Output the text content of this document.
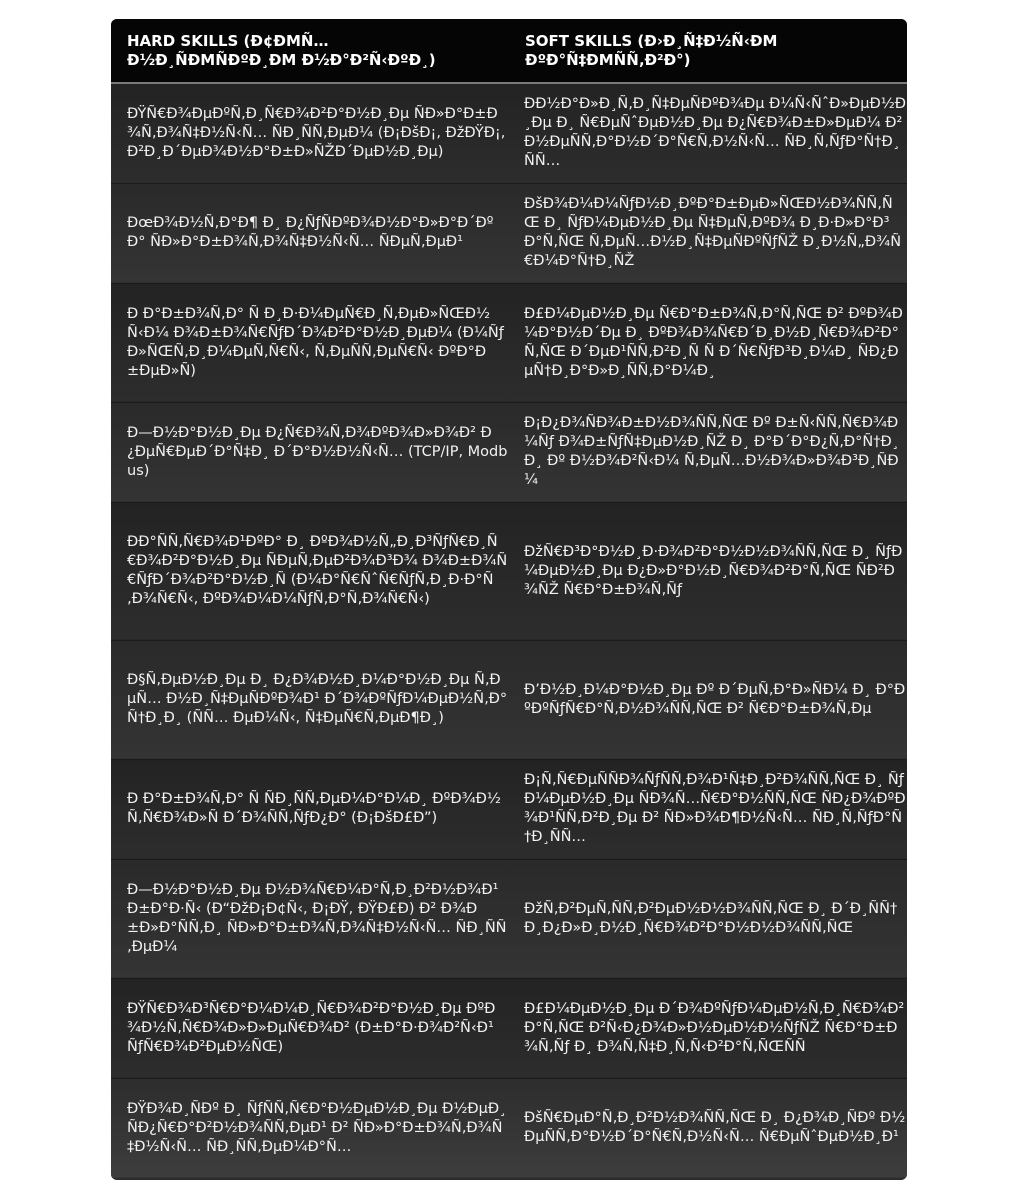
HARD SKILLS (Ð¢ÐMÑ… Ð½Ð¸ÑÐMÑÐºÐ¸ÐM Ð½Ð°Ð²Ñ‹ÐºÐ¸)	SOFT SKILLS (Ð›Ð¸Ñ‡Ð½Ñ‹ÐM ÐºÐ°Ñ‡ÐMÑÑ‚Ð²Ð°)
ÐŸÑ€Ð¾ÐµÐºÑ‚Ð¸Ñ€Ð¾Ð²Ð°Ð½Ð¸Ðµ ÑÐ»Ð°Ð±Ð¾Ñ‚Ð¾Ñ‡Ð½Ñ‹Ñ… ÑÐ¸ÑÑ‚ÐµÐ¼ (Ð¡ÐšÐ¡, ÐžÐŸÐ¡, Ð²Ð¸Ð´ÐµÐ¾Ð½Ð°Ð±Ð»ÑŽÐ´ÐµÐ½Ð¸Ðµ)	ÐÐ½Ð°Ð»Ð¸Ñ‚Ð¸Ñ‡ÐµÑÐºÐ¾Ðµ Ð¼Ñ‹ÑˆÐ»ÐµÐ½Ð¸Ðµ Ð¸ Ñ€ÐµÑˆÐµÐ½Ð¸Ðµ Ð¿Ñ€Ð¾Ð±Ð»ÐµÐ¼ Ð² Ð½ÐµÑÑ‚Ð°Ð½Ð´Ð°Ñ€Ñ‚Ð½Ñ‹Ñ… ÑÐ¸Ñ‚ÑƒÐ°Ñ†Ð¸ÑÑ…
ÐœÐ¾Ð½Ñ‚Ð°Ð¶ Ð¸ Ð¿ÑƒÑÐºÐ¾Ð½Ð°Ð»Ð°Ð´ÐºÐ° ÑÐ»Ð°Ð±Ð¾Ñ‚Ð¾Ñ‡Ð½Ñ‹Ñ… ÑÐµÑ‚ÐµÐ¹	ÐšÐ¾Ð¼Ð¼ÑƒÐ½Ð¸ÐºÐ°Ð±ÐµÐ»ÑŒÐ½Ð¾ÑÑ‚ÑŒ Ð¸ ÑƒÐ¼ÐµÐ½Ð¸Ðµ Ñ‡ÐµÑ‚ÐºÐ¾ Ð¸Ð·Ð»Ð°Ð³Ð°Ñ‚ÑŒ Ñ‚ÐµÑ…Ð½Ð¸Ñ‡ÐµÑÐºÑƒÑŽ Ð¸Ð½Ñ„Ð¾Ñ€Ð¼Ð°Ñ†Ð¸ÑŽ
Ð Ð°Ð±Ð¾Ñ‚Ð° Ñ Ð¸Ð·Ð¼ÐµÑ€Ð¸Ñ‚ÐµÐ»ÑŒÐ½Ñ‹Ð¼ Ð¾Ð±Ð¾Ñ€ÑƒÐ´Ð¾Ð²Ð°Ð½Ð¸ÐµÐ¼ (Ð¼ÑƒÐ»ÑŒÑ‚Ð¸Ð¼ÐµÑ‚Ñ€Ñ‹, Ñ‚ÐµÑÑ‚ÐµÑ€Ñ‹ ÐºÐ°Ð±ÐµÐ»Ñ)	Ð£Ð¼ÐµÐ½Ð¸Ðµ Ñ€Ð°Ð±Ð¾Ñ‚Ð°Ñ‚ÑŒ Ð² ÐºÐ¾Ð¼Ð°Ð½Ð´Ðµ Ð¸ ÐºÐ¾Ð¾Ñ€Ð´Ð¸Ð½Ð¸Ñ€Ð¾Ð²Ð°Ñ‚ÑŒ Ð´ÐµÐ¹ÑÑ‚Ð²Ð¸Ñ Ñ Ð´Ñ€ÑƒÐ³Ð¸Ð¼Ð¸ ÑÐ¿ÐµÑ†Ð¸Ð°Ð»Ð¸ÑÑ‚Ð°Ð¼Ð¸
Ð—Ð½Ð°Ð½Ð¸Ðµ Ð¿Ñ€Ð¾Ñ‚Ð¾ÐºÐ¾Ð»Ð¾Ð² Ð¿ÐµÑ€ÐµÐ´Ð°Ñ‡Ð¸ Ð´Ð°Ð½Ð½Ñ‹Ñ… (TCP/IP, Modbus)	Ð¡Ð¿Ð¾ÑÐ¾Ð±Ð½Ð¾ÑÑ‚ÑŒ Ðº Ð±Ñ‹ÑÑ‚Ñ€Ð¾Ð¼Ñƒ Ð¾Ð±ÑƒÑ‡ÐµÐ½Ð¸ÑŽ Ð¸ Ð°Ð´Ð°Ð¿Ñ‚Ð°Ñ†Ð¸Ð¸ Ðº Ð½Ð¾Ð²Ñ‹Ð¼ Ñ‚ÐµÑ…Ð½Ð¾Ð»Ð¾Ð³Ð¸ÑÐ¼
ÐÐ°ÑÑ‚Ñ€Ð¾Ð¹ÐºÐ° Ð¸ ÐºÐ¾Ð½Ñ„Ð¸Ð³ÑƒÑ€Ð¸Ñ€Ð¾Ð²Ð°Ð½Ð¸Ðµ ÑÐµÑ‚ÐµÐ²Ð¾Ð³Ð¾ Ð¾Ð±Ð¾Ñ€ÑƒÐ´Ð¾Ð²Ð°Ð½Ð¸Ñ (Ð¼Ð°Ñ€ÑˆÑ€ÑƒÑ‚Ð¸Ð·Ð°Ñ‚Ð¾Ñ€Ñ‹, ÐºÐ¾Ð¼Ð¼ÑƒÑ‚Ð°Ñ‚Ð¾Ñ€Ñ‹)	ÐžÑ€Ð³Ð°Ð½Ð¸Ð·Ð¾Ð²Ð°Ð½Ð½Ð¾ÑÑ‚ÑŒ Ð¸ ÑƒÐ¼ÐµÐ½Ð¸Ðµ Ð¿Ð»Ð°Ð½Ð¸Ñ€Ð¾Ð²Ð°Ñ‚ÑŒ ÑÐ²Ð¾ÑŽ Ñ€Ð°Ð±Ð¾Ñ‚Ñƒ
Ð§Ñ‚ÐµÐ½Ð¸Ðµ Ð¸ Ð¿Ð¾Ð½Ð¸Ð¼Ð°Ð½Ð¸Ðµ Ñ‚ÐµÑ… Ð½Ð¸Ñ‡ÐµÑÐºÐ¾Ð¹ Ð´Ð¾ÐºÑƒÐ¼ÐµÐ½Ñ‚Ð°Ñ†Ð¸Ð¸ (ÑÑ… ÐµÐ¼Ñ‹, Ñ‡ÐµÑ€Ñ‚ÐµÐ¶Ð¸)	Ð’Ð½Ð¸Ð¼Ð°Ð½Ð¸Ðµ Ðº Ð´ÐµÑ‚Ð°Ð»ÑÐ¼ Ð¸ Ð°ÐºÐºÑƒÑ€Ð°Ñ‚Ð½Ð¾ÑÑ‚ÑŒ Ð² Ñ€Ð°Ð±Ð¾Ñ‚Ðµ
Ð Ð°Ð±Ð¾Ñ‚Ð° Ñ ÑÐ¸ÑÑ‚ÐµÐ¼Ð°Ð¼Ð¸ ÐºÐ¾Ð½Ñ‚Ñ€Ð¾Ð»Ñ Ð´Ð¾ÑÑ‚ÑƒÐ¿Ð° (Ð¡ÐšÐ£Ð”)	Ð¡Ñ‚Ñ€ÐµÑÑÐ¾ÑƒÑÑ‚Ð¾Ð¹Ñ‡Ð¸Ð²Ð¾ÑÑ‚ÑŒ Ð¸ ÑƒÐ¼ÐµÐ½Ð¸Ðµ ÑÐ¾Ñ…Ñ€Ð°Ð½ÑÑ‚ÑŒ ÑÐ¿Ð¾ÐºÐ¾Ð¹ÑÑ‚Ð²Ð¸Ðµ Ð² ÑÐ»Ð¾Ð¶Ð½Ñ‹Ñ… ÑÐ¸Ñ‚ÑƒÐ°Ñ†Ð¸ÑÑ…
Ð—Ð½Ð°Ð½Ð¸Ðµ Ð½Ð¾Ñ€Ð¼Ð°Ñ‚Ð¸Ð²Ð½Ð¾Ð¹ Ð±Ð°Ð·Ñ‹ (Ð“ÐžÐ¡Ð¢Ñ‹, Ð¡ÐŸ, ÐŸÐ£Ð) Ð² Ð¾Ð±Ð»Ð°ÑÑ‚Ð¸ ÑÐ»Ð°Ð±Ð¾Ñ‚Ð¾Ñ‡Ð½Ñ‹Ñ… ÑÐ¸ÑÑ‚ÐµÐ¼	ÐžÑ‚Ð²ÐµÑ‚ÑÑ‚Ð²ÐµÐ½Ð½Ð¾ÑÑ‚ÑŒ Ð¸ Ð´Ð¸ÑÑ†Ð¸Ð¿Ð»Ð¸Ð½Ð¸Ñ€Ð¾Ð²Ð°Ð½Ð½Ð¾ÑÑ‚ÑŒ
ÐŸÑ€Ð¾Ð³Ñ€Ð°Ð¼Ð¼Ð¸Ñ€Ð¾Ð²Ð°Ð½Ð¸Ðµ ÐºÐ¾Ð½Ñ‚Ñ€Ð¾Ð»Ð»ÐµÑ€Ð¾Ð² (Ð±Ð°Ð·Ð¾Ð²Ñ‹Ð¹ ÑƒÑ€Ð¾Ð²ÐµÐ½ÑŒ)	Ð£Ð¼ÐµÐ½Ð¸Ðµ Ð´Ð¾ÐºÑƒÐ¼ÐµÐ½Ñ‚Ð¸Ñ€Ð¾Ð²Ð°Ñ‚ÑŒ Ð²Ñ‹Ð¿Ð¾Ð»Ð½ÐµÐ½Ð½ÑƒÑŽ Ñ€Ð°Ð±Ð¾Ñ‚Ñƒ Ð¸ Ð¾Ñ‚Ñ‡Ð¸Ñ‚Ñ‹Ð²Ð°Ñ‚ÑŒÑÑ
ÐŸÐ¾Ð¸ÑÐº Ð¸ ÑƒÑÑ‚Ñ€Ð°Ð½ÐµÐ½Ð¸Ðµ Ð½ÐµÐ¸ÑÐ¿Ñ€Ð°Ð²Ð½Ð¾ÑÑ‚ÐµÐ¹ Ð² ÑÐ»Ð°Ð±Ð¾Ñ‚Ð¾Ñ‡Ð½Ñ‹Ñ… ÑÐ¸ÑÑ‚ÐµÐ¼Ð°Ñ…	ÐšÑ€ÐµÐ°Ñ‚Ð¸Ð²Ð½Ð¾ÑÑ‚ÑŒ Ð¸ Ð¿Ð¾Ð¸ÑÐº Ð½ÐµÑÑ‚Ð°Ð½Ð´Ð°Ñ€Ñ‚Ð½Ñ‹Ñ… Ñ€ÐµÑˆÐµÐ½Ð¸Ð¹
